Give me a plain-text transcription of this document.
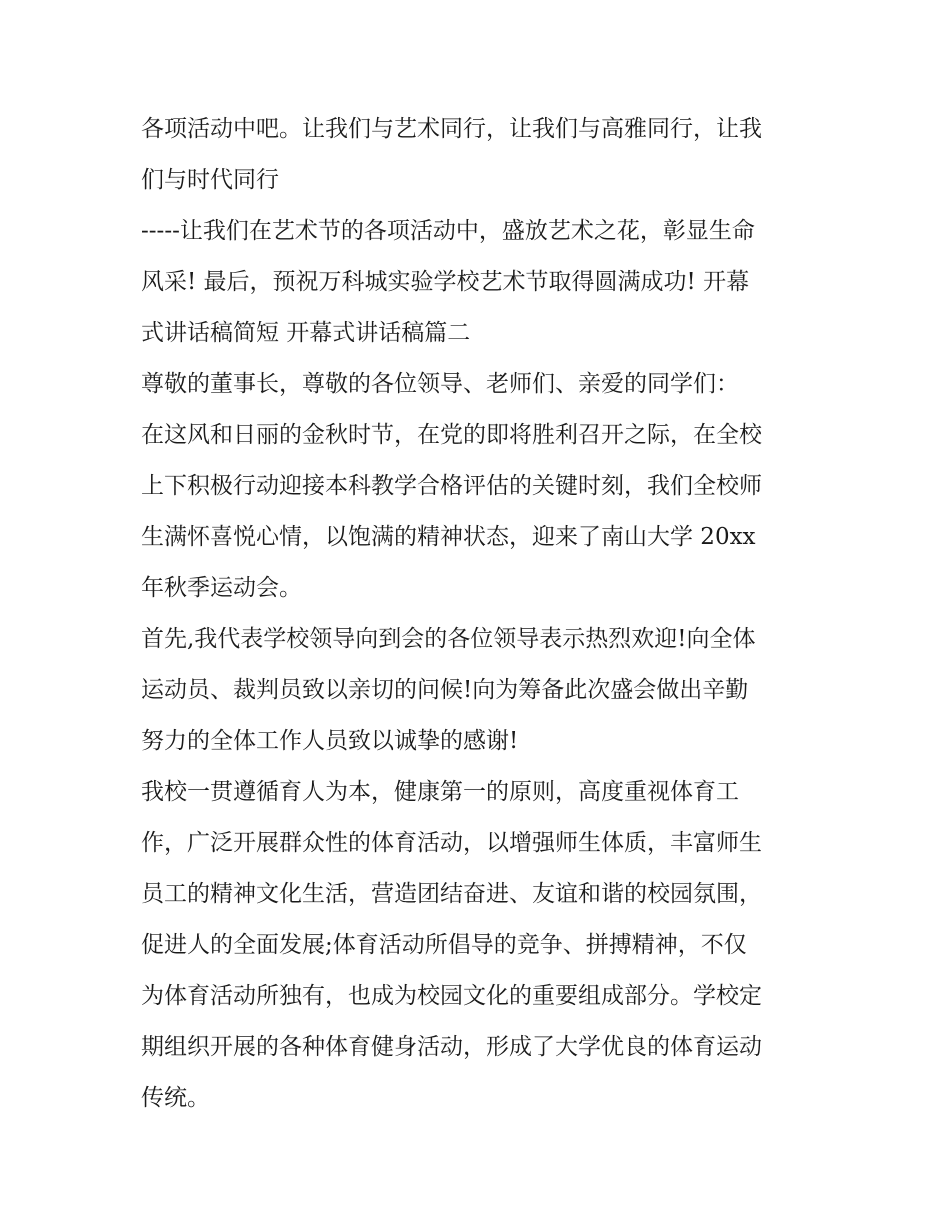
各项活动中吧。让我们与艺术同行，让我们与高雅同行，让我
们与时代同行
-----让我们在艺术节的各项活动中，盛放艺术之花，彰显生命
风采! 最后，预祝万科城实验学校艺术节取得圆满成功! 开幕
式讲话稿简短 开幕式讲话稿篇二
尊敬的董事长，尊敬的各位领导、老师们、亲爱的同学们：
在这风和日丽的金秋时节，在党的即将胜利召开之际，在全校
上下积极行动迎接本科教学合格评估的关键时刻，我们全校师
生满怀喜悦心情，以饱满的精神状态，迎来了南山大学 20xx
年秋季运动会。
首先,我代表学校领导向到会的各位领导表示热烈欢迎!向全体
运动员、裁判员致以亲切的问候!向为筹备此次盛会做出辛勤
努力的全体工作人员致以诚挚的感谢!
我校一贯遵循育人为本，健康第一的原则，高度重视体育工
作，广泛开展群众性的体育活动，以增强师生体质，丰富师生
员工的精神文化生活，营造团结奋进、友谊和谐的校园氛围，
促进人的全面发展;体育活动所倡导的竞争、拼搏精神，不仅
为体育活动所独有，也成为校园文化的重要组成部分。学校定
期组织开展的各种体育健身活动，形成了大学优良的体育运动
传统。
